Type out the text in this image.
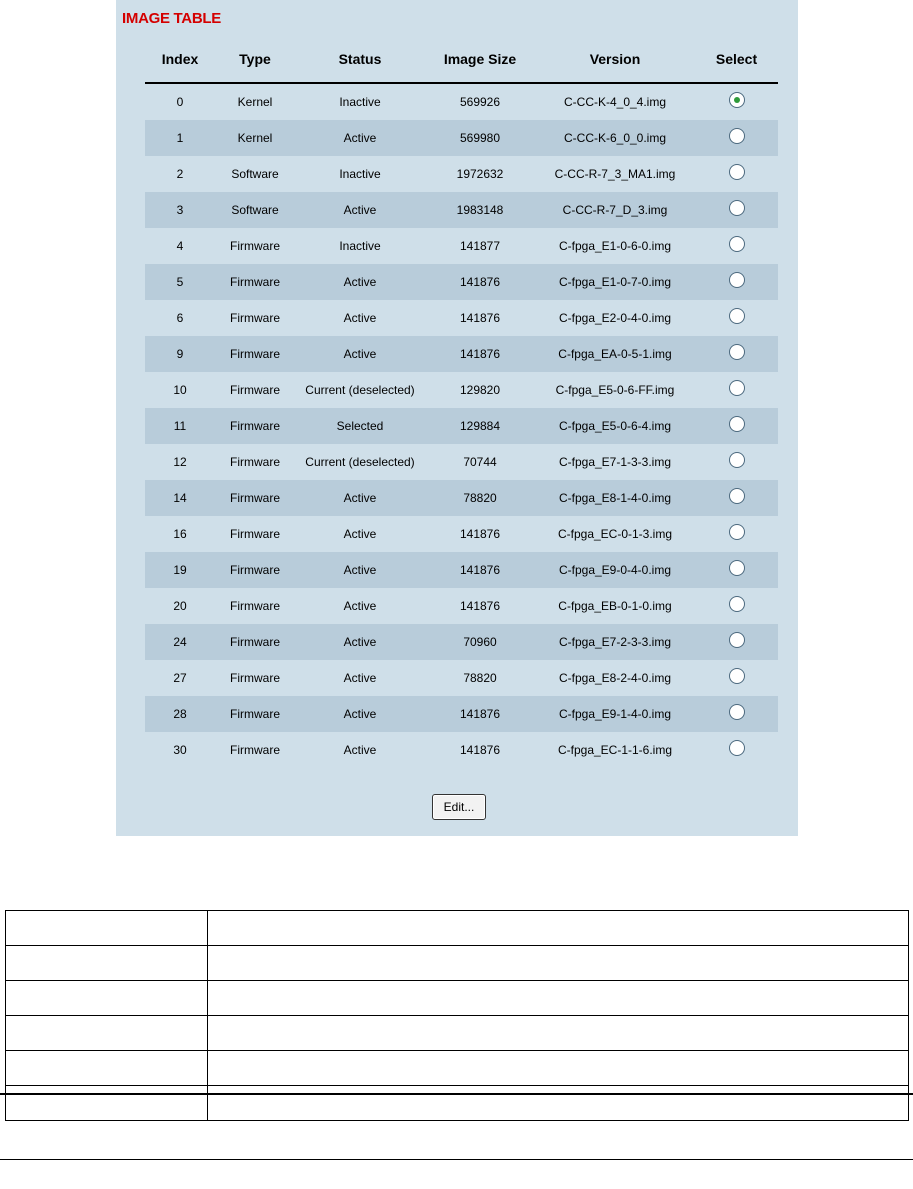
IMAGE TABLE
Index	Type	Status	Image Size	Version	Select
0	Kernel	Inactive	569926	C-CC-K-4_0_4.img	
1	Kernel	Active	569980	C-CC-K-6_0_0.img	
2	Software	Inactive	1972632	C-CC-R-7_3_MA1.img	
3	Software	Active	1983148	C-CC-R-7_D_3.img	
4	Firmware	Inactive	141877	C-fpga_E1-0-6-0.img	
5	Firmware	Active	141876	C-fpga_E1-0-7-0.img	
6	Firmware	Active	141876	C-fpga_E2-0-4-0.img	
9	Firmware	Active	141876	C-fpga_EA-0-5-1.img	
10	Firmware	Current (deselected)	129820	C-fpga_E5-0-6-FF.img	
11	Firmware	Selected	129884	C-fpga_E5-0-6-4.img	
12	Firmware	Current (deselected)	70744	C-fpga_E7-1-3-3.img	
14	Firmware	Active	78820	C-fpga_E8-1-4-0.img	
16	Firmware	Active	141876	C-fpga_EC-0-1-3.img	
19	Firmware	Active	141876	C-fpga_E9-0-4-0.img	
20	Firmware	Active	141876	C-fpga_EB-0-1-0.img	
24	Firmware	Active	70960	C-fpga_E7-2-3-3.img	
27	Firmware	Active	78820	C-fpga_E8-2-4-0.img	
28	Firmware	Active	141876	C-fpga_E9-1-4-0.img	
30	Firmware	Active	141876	C-fpga_EC-1-1-6.img	
Edit...
